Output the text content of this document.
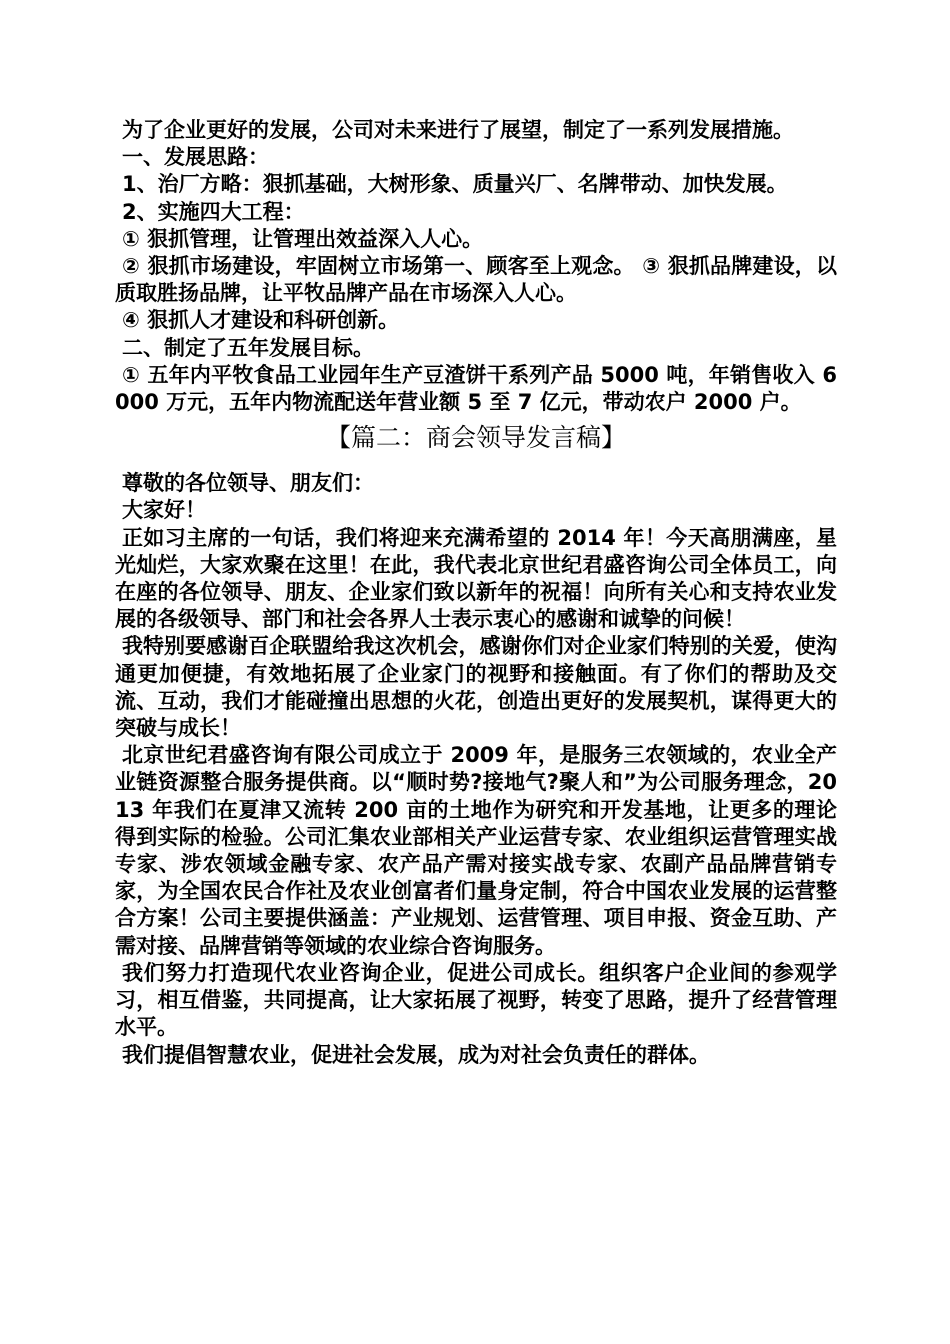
为了企业更好的发展，公司对未来进行了展望，制定了一系列发展措施。

一、发展思路：

1、治厂方略：狠抓基础，大树形象、质量兴厂、名牌带动、加快发展。

2、实施四大工程：

① 狠抓管理，让管理出效益深入人心。

② 狠抓市场建设，牢固树立市场第一、顾客至上观念。 ③ 狠抓品牌建设，以质取胜扬品牌，让平牧品牌产品在市场深入人心。

④ 狠抓人才建设和科研创新。

二、制定了五年发展目标。

① 五年内平牧食品工业园年生产豆渣饼干系列产品 5000 吨，年销售收入 6000 万元，五年内物流配送年营业额 5 至 7 亿元，带动农户 2000 户。

【篇二：商会领导发言稿】

尊敬的各位领导、朋友们：

大家好！

正如习主席的一句话，我们将迎来充满希望的 2014 年！今天高朋满座，星光灿烂，大家欢聚在这里！在此，我代表北京世纪君盛咨询公司全体员工，向在座的各位领导、朋友、企业家们致以新年的祝福！向所有关心和支持农业发展的各级领导、部门和社会各界人士表示衷心的感谢和诚挚的问候！

我特别要感谢百企联盟给我这次机会，感谢你们对企业家们特别的关爱，使沟通更加便捷，有效地拓展了企业家门的视野和接触面。有了你们的帮助及交流、互动，我们才能碰撞出思想的火花，创造出更好的发展契机，谋得更大的突破与成长！

北京世纪君盛咨询有限公司成立于 2009 年，是服务三农领域的，农业全产业链资源整合服务提供商。以“顺时势?接地气?聚人和”为公司服务理念，2013 年我们在夏津又流转 200 亩的土地作为研究和开发基地，让更多的理论得到实际的检验。公司汇集农业部相关产业运营专家、农业组织运营管理实战专家、涉农领域金融专家、农产品产需对接实战专家、农副产品品牌营销专家，为全国农民合作社及农业创富者们量身定制，符合中国农业发展的运营整合方案！公司主要提供涵盖：产业规划、运营管理、项目申报、资金互助、产需对接、品牌营销等领域的农业综合咨询服务。

我们努力打造现代农业咨询企业，促进公司成长。组织客户企业间的参观学习，相互借鉴，共同提高，让大家拓展了视野，转变了思路，提升了经营管理水平。

我们提倡智慧农业，促进社会发展，成为对社会负责任的群体。
